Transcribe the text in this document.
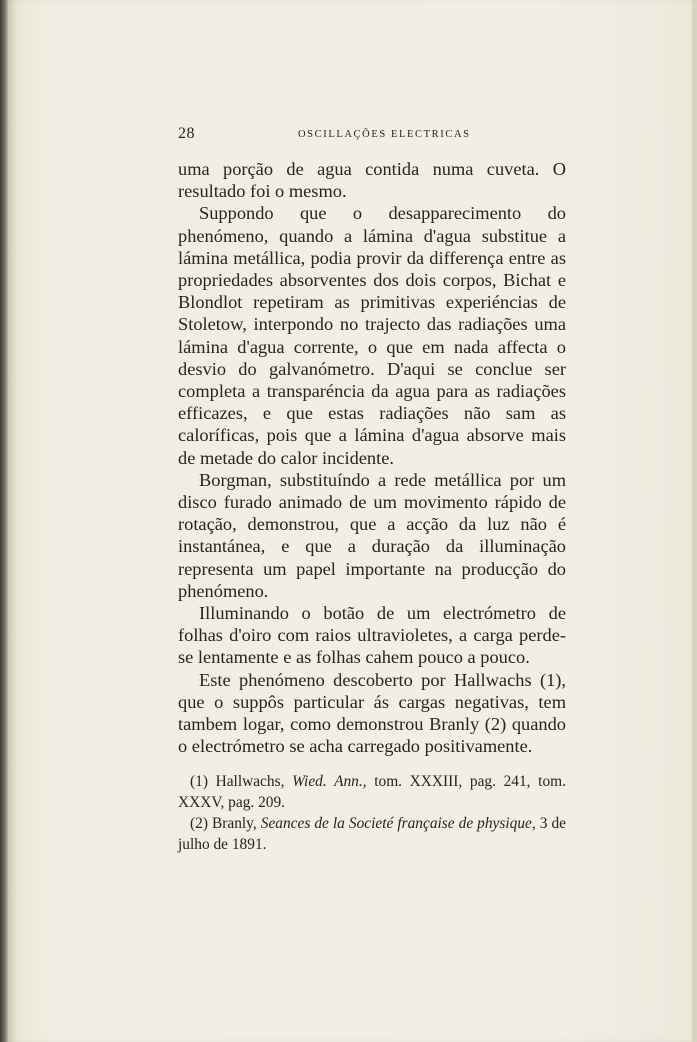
28	OSCILLAÇÕES ELECTRICAS

uma porção de agua contida numa cuveta. O resultado foi o mesmo.

Suppondo que o desapparecimento do phenómeno, quando a lámina d'agua substitue a lámina metállica, podia provir da differença entre as propriedades absorventes dos dois corpos, Bichat e Blondlot repetiram as primitivas experiéncias de Stoletow, interpondo no trajecto das radiações uma lámina d'agua corrente, o que em nada affecta o desvio do galvanómetro. D'aqui se conclue ser completa a transparéncia da agua para as radiações efficazes, e que estas radiações não sam as caloríficas, pois que a lámina d'agua absorve mais de metade do calor incidente.

Borgman, substituíndo a rede metállica por um disco furado animado de um movimento rápido de rotação, demonstrou, que a acção da luz não é instantánea, e que a duração da illuminação representa um papel importante na producção do phenómeno.

Illuminando o botão de um electrómetro de folhas d'oiro com raios ultravioletes, a carga perde-se lentamente e as folhas cahem pouco a pouco.

Este phenómeno descoberto por Hallwachs (1), que o suppôs particular ás cargas negativas, tem tambem logar, como demonstrou Branly (2) quando o electrómetro se acha carregado positivamente.

(1) Hallwachs, Wied. Ann., tom. XXXIII, pag. 241, tom. XXXV, pag. 209.

(2) Branly, Seances de la Societé française de physique, 3 de julho de 1891.
